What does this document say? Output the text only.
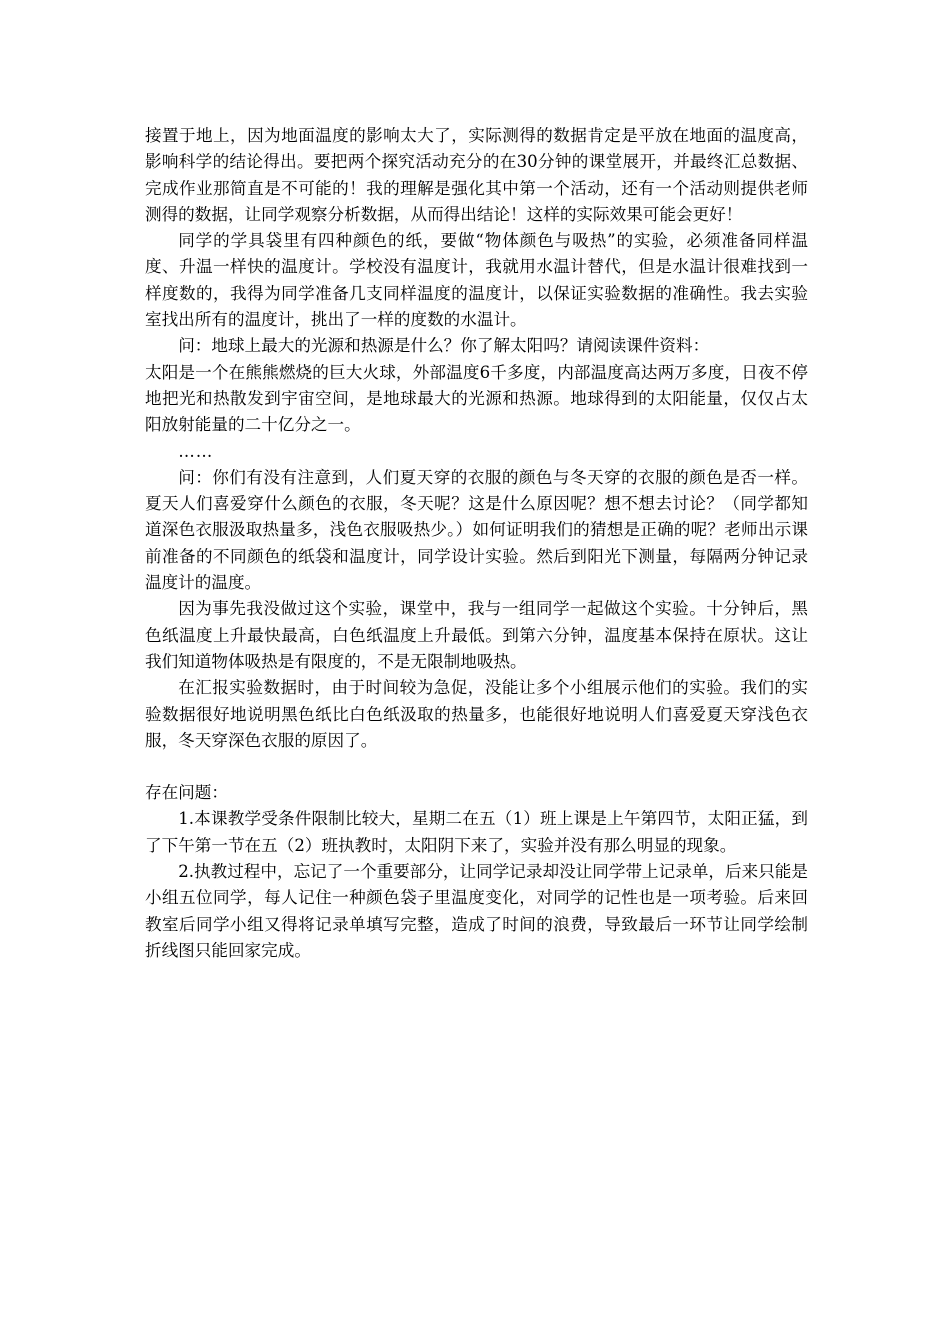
接置于地上，因为地面温度的影响太大了，实际测得的数据肯定是平放在地面的温度高，影响科学的结论得出。要把两个探究活动充分的在30分钟的课堂展开，并最终汇总数据、完成作业那简直是不可能的！我的理解是强化其中第一个活动，还有一个活动则提供老师测得的数据，让同学观察分析数据，从而得出结论！这样的实际效果可能会更好！

同学的学具袋里有四种颜色的纸，要做“物体颜色与吸热”的实验，必须准备同样温度、升温一样快的温度计。学校没有温度计，我就用水温计替代，但是水温计很难找到一样度数的，我得为同学准备几支同样温度的温度计，以保证实验数据的准确性。我去实验室找出所有的温度计，挑出了一样的度数的水温计。

问：地球上最大的光源和热源是什么？你了解太阳吗？请阅读课件资料：

太阳是一个在熊熊燃烧的巨大火球，外部温度6千多度，内部温度高达两万多度，日夜不停地把光和热散发到宇宙空间，是地球最大的光源和热源。地球得到的太阳能量，仅仅占太阳放射能量的二十亿分之一。

……

问：你们有没有注意到，人们夏天穿的衣服的颜色与冬天穿的衣服的颜色是否一样。夏天人们喜爱穿什么颜色的衣服，冬天呢？这是什么原因呢？想不想去讨论？（同学都知道深色衣服汲取热量多，浅色衣服吸热少。）如何证明我们的猜想是正确的呢？老师出示课前准备的不同颜色的纸袋和温度计，同学设计实验。然后到阳光下测量，每隔两分钟记录温度计的温度。

因为事先我没做过这个实验，课堂中，我与一组同学一起做这个实验。十分钟后，黑色纸温度上升最快最高，白色纸温度上升最低。到第六分钟，温度基本保持在原状。这让我们知道物体吸热是有限度的，不是无限制地吸热。

在汇报实验数据时，由于时间较为急促，没能让多个小组展示他们的实验。我们的实验数据很好地说明黑色纸比白色纸汲取的热量多，也能很好地说明人们喜爱夏天穿浅色衣服，冬天穿深色衣服的原因了。

存在问题：

1.本课教学受条件限制比较大，星期二在五（1）班上课是上午第四节，太阳正猛，到了下午第一节在五（2）班执教时，太阳阴下来了，实验并没有那么明显的现象。

2.执教过程中，忘记了一个重要部分，让同学记录却没让同学带上记录单，后来只能是小组五位同学，每人记住一种颜色袋子里温度变化，对同学的记性也是一项考验。后来回教室后同学小组又得将记录单填写完整，造成了时间的浪费，导致最后一环节让同学绘制折线图只能回家完成。
